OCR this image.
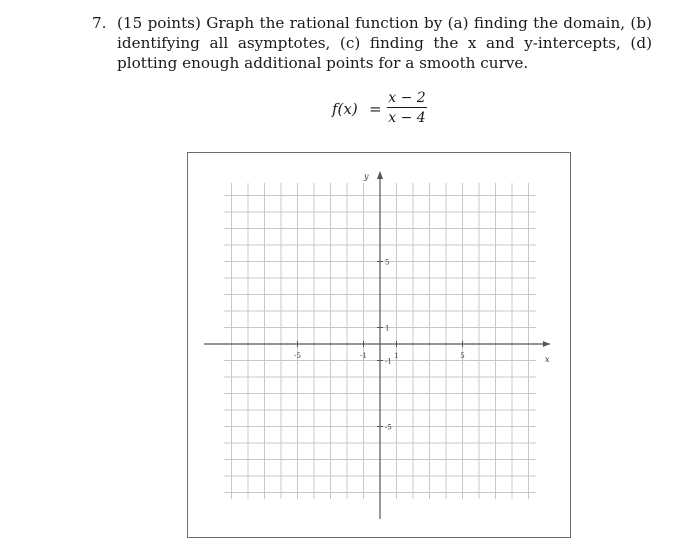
7. (15 points) Graph the rational function by (a) finding the domain, (b) identifying all asymptotes, (c) finding the x and y-intercepts, (d) plotting enough additional points for a smooth curve.
f(x) =
x − 2
x − 4
x
y
-5	-1	1	5
5
1
-1
-5
